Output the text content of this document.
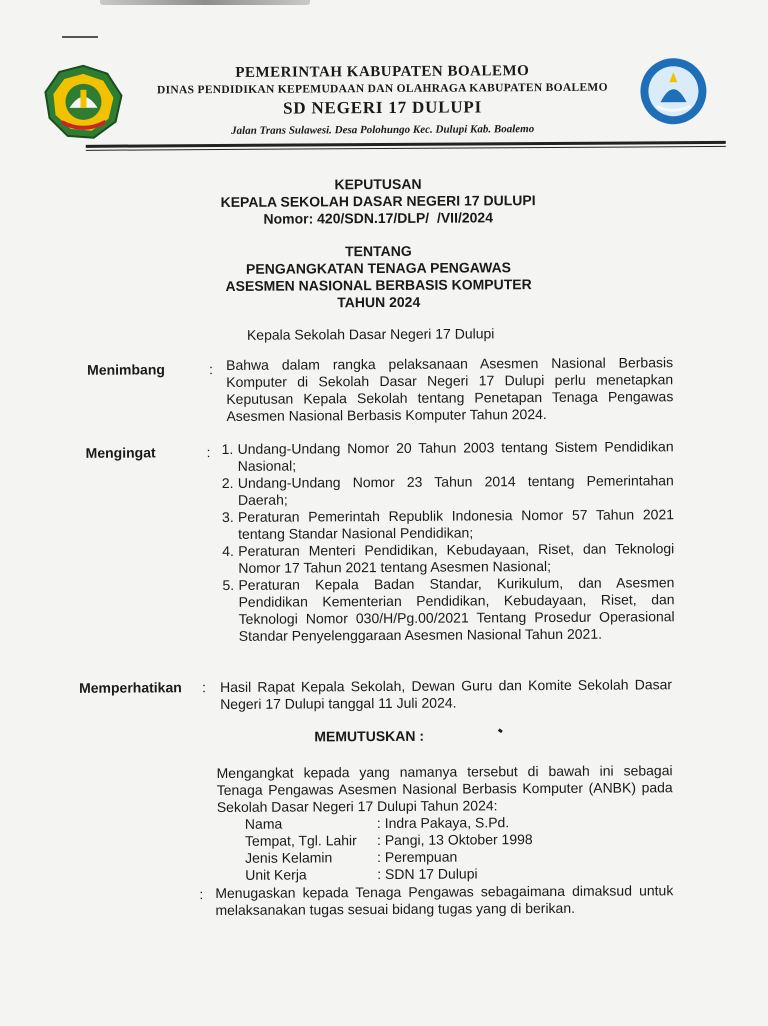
PEMERINTAH KABUPATEN BOALEMO
DINAS PENDIDIKAN KEPEMUDAAN DAN OLAHRAGA KABUPATEN BOALEMO
SD NEGERI 17 DULUPI
Jalan Trans Sulawesi. Desa Polohungo Kec. Dulupi Kab. Boalemo
KEPUTUSAN
KEPALA SEKOLAH DASAR NEGERI 17 DULUPI
Nomor: 420/SDN.17/DLP/  /VII/2024
TENTANG
PENGANGKATAN TENAGA PENGAWAS
ASESMEN NASIONAL BERBASIS KOMPUTER
TAHUN 2024
Kepala Sekolah Dasar Negeri 17 Dulupi
Menimbang	: Bahwa dalam rangka pelaksanaan Asesmen Nasional Berbasis Komputer di Sekolah Dasar Negeri 17 Dulupi perlu menetapkan Keputusan Kepala Sekolah tentang Penetapan Tenaga Pengawas Asesmen Nasional Berbasis Komputer Tahun 2024.

Mengingat	: 1. Undang-Undang Nomor 20 Tahun 2003 tentang Sistem Pendidikan Nasional;
2. Undang-Undang Nomor 23 Tahun 2014 tentang Pemerintahan Daerah;
3. Peraturan Pemerintah Republik Indonesia Nomor 57 Tahun 2021 tentang Standar Nasional Pendidikan;
4. Peraturan Menteri Pendidikan, Kebudayaan, Riset, dan Teknologi Nomor 17 Tahun 2021 tentang Asesmen Nasional;
5. Peraturan Kepala Badan Standar, Kurikulum, dan Asesmen Pendidikan Kementerian Pendidikan, Kebudayaan, Riset, dan Teknologi Nomor 030/H/Pg.00/2021 Tentang Prosedur Operasional Standar Penyelenggaraan Asesmen Nasional Tahun 2021.
Memperhatikan : Hasil Rapat Kepala Sekolah, Dewan Guru dan Komite Sekolah Dasar Negeri 17 Dulupi tanggal 11 Juli 2024.

MEMUTUSKAN :

Mengangkat kepada yang namanya tersebut di bawah ini sebagai Tenaga Pengawas Asesmen Nasional Berbasis Komputer (ANBK) pada Sekolah Dasar Negeri 17 Dulupi Tahun 2024:

Nama	: Indra Pakaya, S.Pd.
Tempat, Tgl. Lahir	: Pangi, 13 Oktober 1998
Jenis Kelamin	: Perempuan
Unit Kerja	: SDN 17 Dulupi
: Menugaskan kepada Tenaga Pengawas sebagaimana dimaksud untuk melaksanakan tugas sesuai bidang tugas yang di berikan.
